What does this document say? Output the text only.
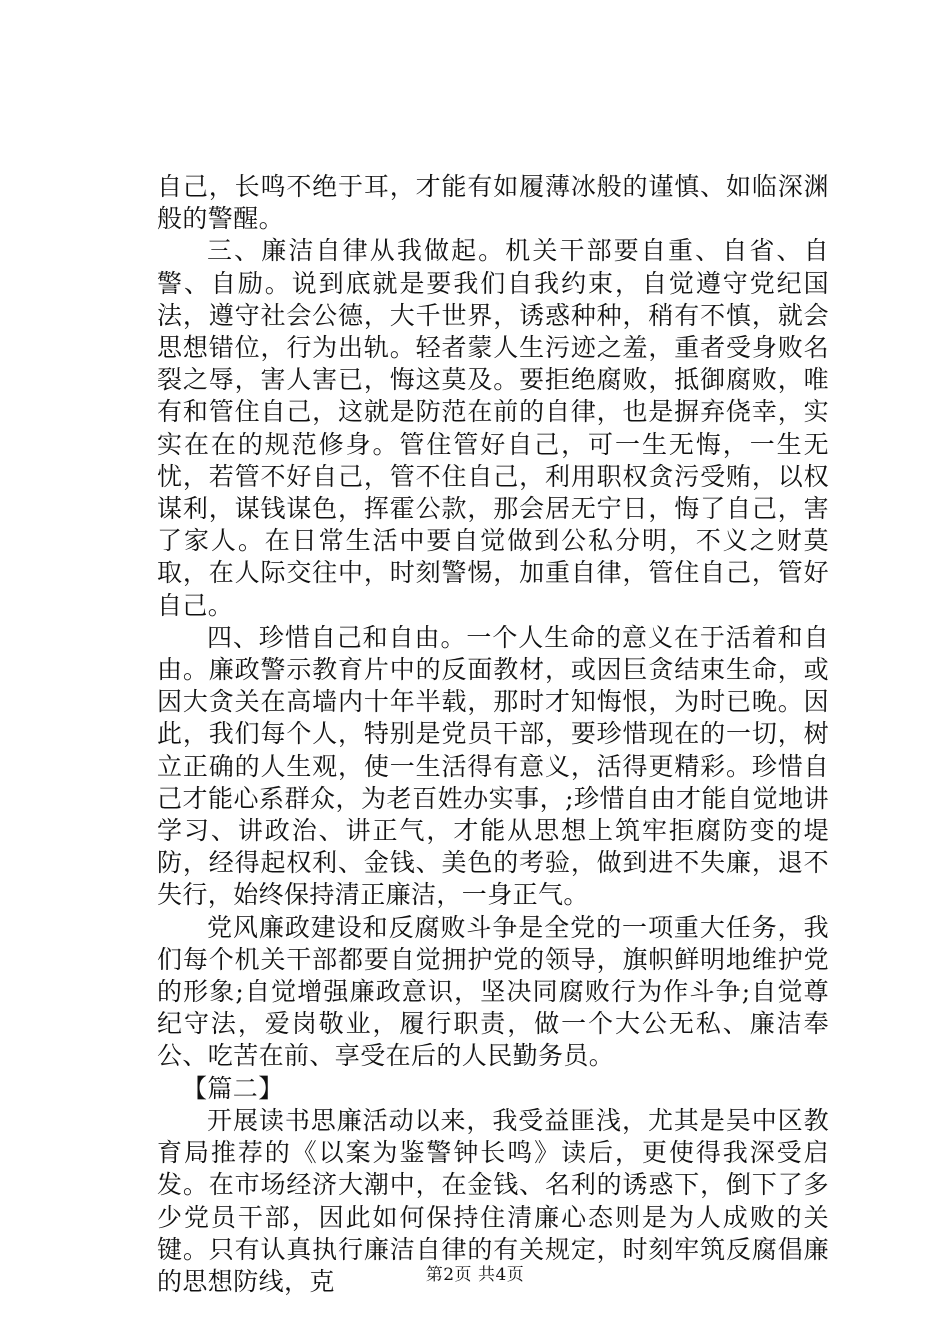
自己，长鸣不绝于耳，才能有如履薄冰般的谨慎、如临深渊般的警醒。

三、廉洁自律从我做起。机关干部要自重、自省、自警、自励。说到底就是要我们自我约束，自觉遵守党纪国法，遵守社会公德，大千世界，诱惑种种，稍有不慎，就会思想错位，行为出轨。轻者蒙人生污迹之羞，重者受身败名裂之辱，害人害已，悔这莫及。要拒绝腐败，抵御腐败，唯有和管住自己，这就是防范在前的自律，也是摒弃侥幸，实实在在的规范修身。管住管好自己，可一生无悔，一生无忧，若管不好自己，管不住自己，利用职权贪污受贿，以权谋利，谋钱谋色，挥霍公款，那会居无宁日，悔了自己，害了家人。在日常生活中要自觉做到公私分明，不义之财莫取，在人际交往中，时刻警惕，加重自律，管住自己，管好自己。

四、珍惜自己和自由。一个人生命的意义在于活着和自由。廉政警示教育片中的反面教材，或因巨贪结束生命，或因大贪关在高墙内十年半载，那时才知悔恨，为时已晚。因此，我们每个人，特别是党员干部，要珍惜现在的一切，树立正确的人生观，使一生活得有意义，活得更精彩。珍惜自己才能心系群众，为老百姓办实事，;珍惜自由才能自觉地讲学习、讲政治、讲正气，才能从思想上筑牢拒腐防变的堤防，经得起权利、金钱、美色的考验，做到进不失廉，退不失行，始终保持清正廉洁，一身正气。

党风廉政建设和反腐败斗争是全党的一项重大任务，我们每个机关干部都要自觉拥护党的领导，旗帜鲜明地维护党的形象;自觉增强廉政意识，坚决同腐败行为作斗争;自觉尊纪守法，爱岗敬业，履行职责，做一个大公无私、廉洁奉公、吃苦在前、享受在后的人民勤务员。

【篇二】

开展读书思廉活动以来，我受益匪浅，尤其是吴中区教育局推荐的《以案为鉴警钟长鸣》读后，更使得我深受启发。在市场经济大潮中，在金钱、名利的诱惑下，倒下了多少党员干部，因此如何保持住清廉心态则是为人成败的关键。只有认真执行廉洁自律的有关规定，时刻牢筑反腐倡廉的思想防线，克	第2页 共4页
